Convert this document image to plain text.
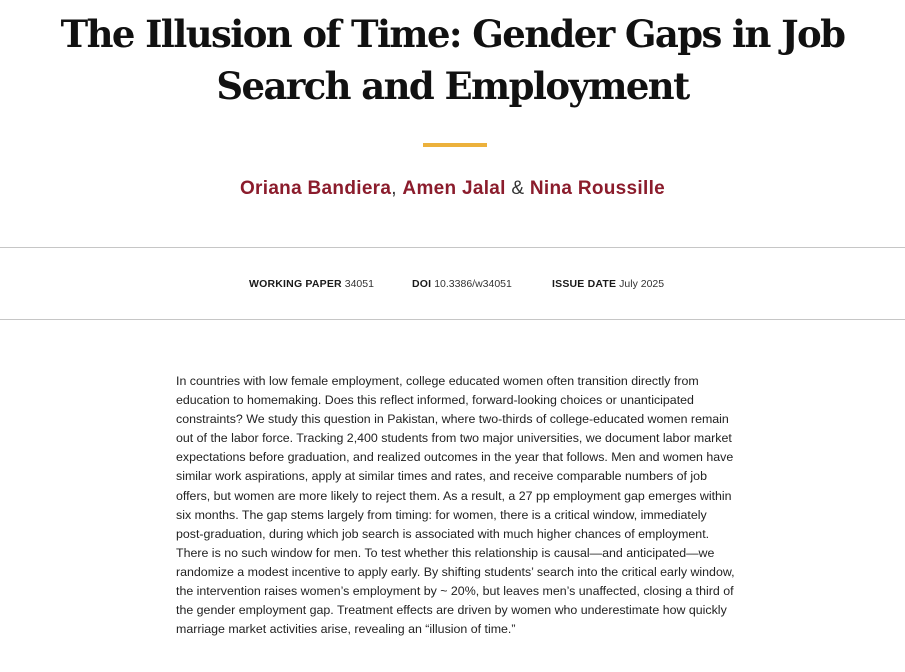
The Illusion of Time: Gender Gaps in Job Search and Employment
Oriana Bandiera, Amen Jalal & Nina Roussille
WORKING PAPER 34051	DOI 10.3386/w34051	ISSUE DATE July 2025

In countries with low female employment, college educated women often transition directly from education to homemaking. Does this reflect informed, forward-looking choices or unanticipated constraints? We study this question in Pakistan, where two-thirds of college-educated women remain out of the labor force. Tracking 2,400 students from two major universities, we document labor market expectations before graduation, and realized outcomes in the year that follows. Men and women have similar work aspirations, apply at similar times and rates, and receive comparable numbers of job offers, but women are more likely to reject them. As a result, a 27 pp employment gap emerges within six months. The gap stems largely from timing: for women, there is a critical window, immediately post-graduation, during which job search is associated with much higher chances of employment. There is no such window for men. To test whether this relationship is causal—and anticipated—we randomize a modest incentive to apply early. By shifting students’ search into the critical early window, the intervention raises women’s employment by ~ 20%, but leaves men’s unaffected, closing a third of the gender employment gap. Treatment effects are driven by women who underestimate how quickly marriage market activities arise, revealing an “illusion of time.”
